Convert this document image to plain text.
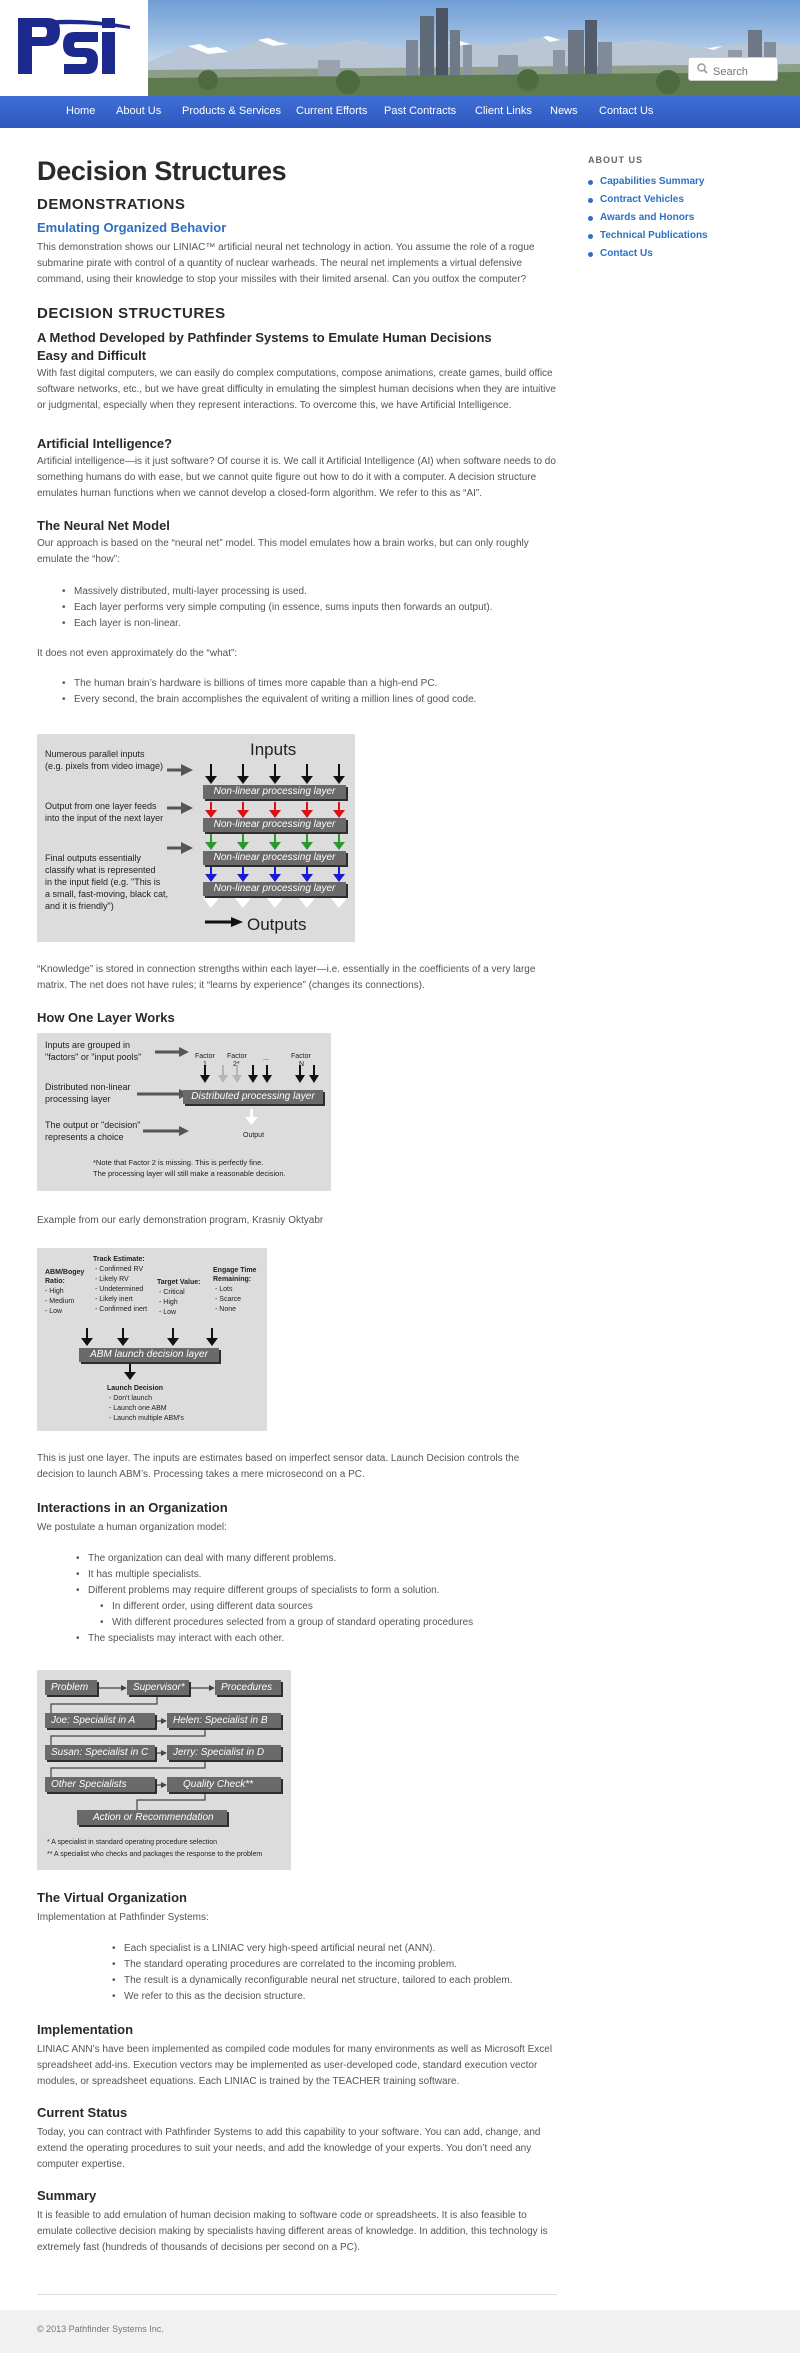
Search
Home About Us Products & Services Current Efforts Past Contracts Client Links News Contact Us
ABOUT US
Capabilities Summary
Contract Vehicles
Awards and Honors
Technical Publications
Contact Us
Decision Structures
DEMONSTRATIONS
Emulating Organized Behavior
This demonstration shows our LINIAC™ artificial neural net technology in action. You assume the role of a rogue submarine pirate with control of a quantity of nuclear warheads. The neural net implements a virtual defensive command, using their knowledge to stop your missiles with their limited arsenal. Can you outfox the computer?
DECISION STRUCTURES
A Method Developed by Pathfinder Systems to Emulate Human Decisions
Easy and Difficult
With fast digital computers, we can easily do complex computations, compose animations, create games, build office software networks, etc., but we have great difficulty in emulating the simplest human decisions when they are intuitive or judgmental, especially when they represent interactions. To overcome this, we have Artificial Intelligence.
Artificial Intelligence?
Artificial intelligence—is it just software? Of course it is. We call it Artificial Intelligence (AI) when software needs to do something humans do with ease, but we cannot quite figure out how to do it with a computer. A decision structure emulates human functions when we cannot develop a closed-form algorithm. We refer to this as “AI”.
The Neural Net Model
Our approach is based on the “neural net” model. This model emulates how a brain works, but can only roughly emulate the “how”:
• Massively distributed, multi-layer processing is used.
• Each layer performs very simple computing (in essence, sums inputs then forwards an output).
• Each layer is non-linear.
It does not even approximately do the “what”:
• The human brain’s hardware is billions of times more capable than a high-end PC.
• Every second, the brain accomplishes the equivalent of writing a million lines of good code.
Inputs
Outputs
Numerous parallel inputs
(e.g. pixels from video image)
Output from one layer feeds
into the input of the next layer
Final outputs essentially
classify what is represented
in the input field (e.g. "This is
a small, fast-moving, black cat,
and it is friendly")
Non-linear processing layer
Non-linear processing layer
Non-linear processing layer
Non-linear processing layer
“Knowledge” is stored in connection strengths within each layer—i.e. essentially in the coefficients of a very large matrix. The net does not have rules; it “learns by experience” (changes its connections).
How One Layer Works
Inputs are grouped in
"factors" or "input pools"
Distributed non-linear
processing layer
The output or "decision"
represents a choice
Factor
1
Factor
2*
...	Factor
N
Distributed processing layer
Output
*Note that Factor 2 is missing. This is perfectly fine.
The processing layer will still make a reasonable decision.
Example from our early demonstration program, Krasniy Oktyabr
ABM/Bogey
Ratio:
- High
- Medium
- Low
Track Estimate:
- Confirmed RV
- Likely RV
- Undetermined
- Likely inert
- Confirmed inert
Target Value:
- Critical
- High
- Low
Engage Time
Remaining:
- Lots
- Scarce
- None
ABM launch decision layer
Launch Decision
- Don't launch
- Launch one ABM
- Launch multiple ABM's
This is just one layer. The inputs are estimates based on imperfect sensor data. Launch Decision controls the decision to launch ABM’s. Processing takes a mere microsecond on a PC.
Interactions in an Organization
We postulate a human organization model:
• The organization can deal with many different problems.
• It has multiple specialists.
• Different problems may require different groups of specialists to form a solution.
• In different order, using different data sources
• With different procedures selected from a group of standard operating procedures
• The specialists may interact with each other.
Problem	Supervisor*	Procedures
Joe: Specialist in A	Helen: Specialist in B
Susan: Specialist in C	Jerry: Specialist in D
Other Specialists	Quality Check**
Action or Recommendation
* A specialist in standard operating procedure selection
** A specialist who checks and packages the response to the problem
The Virtual Organization
Implementation at Pathfinder Systems:
• Each specialist is a LINIAC very high-speed artificial neural net (ANN).
• The standard operating procedures are correlated to the incoming problem.
• The result is a dynamically reconfigurable neural net structure, tailored to each problem.
• We refer to this as the decision structure.
Implementation
LINIAC ANN’s have been implemented as compiled code modules for many environments as well as Microsoft Excel spreadsheet add-ins. Execution vectors may be implemented as user-developed code, standard execution vector modules, or spreadsheet equations. Each LINIAC is trained by the TEACHER training software.
Current Status
Today, you can contract with Pathfinder Systems to add this capability to your software. You can add, change, and extend the operating procedures to suit your needs, and add the knowledge of your experts. You don’t need any computer expertise.
Summary
It is feasible to add emulation of human decision making to software code or spreadsheets. It is also feasible to emulate collective decision making by specialists having different areas of knowledge. In addition, this technology is extremely fast (hundreds of thousands of decisions per second on a PC).
© 2013 Pathfinder Systems Inc.
